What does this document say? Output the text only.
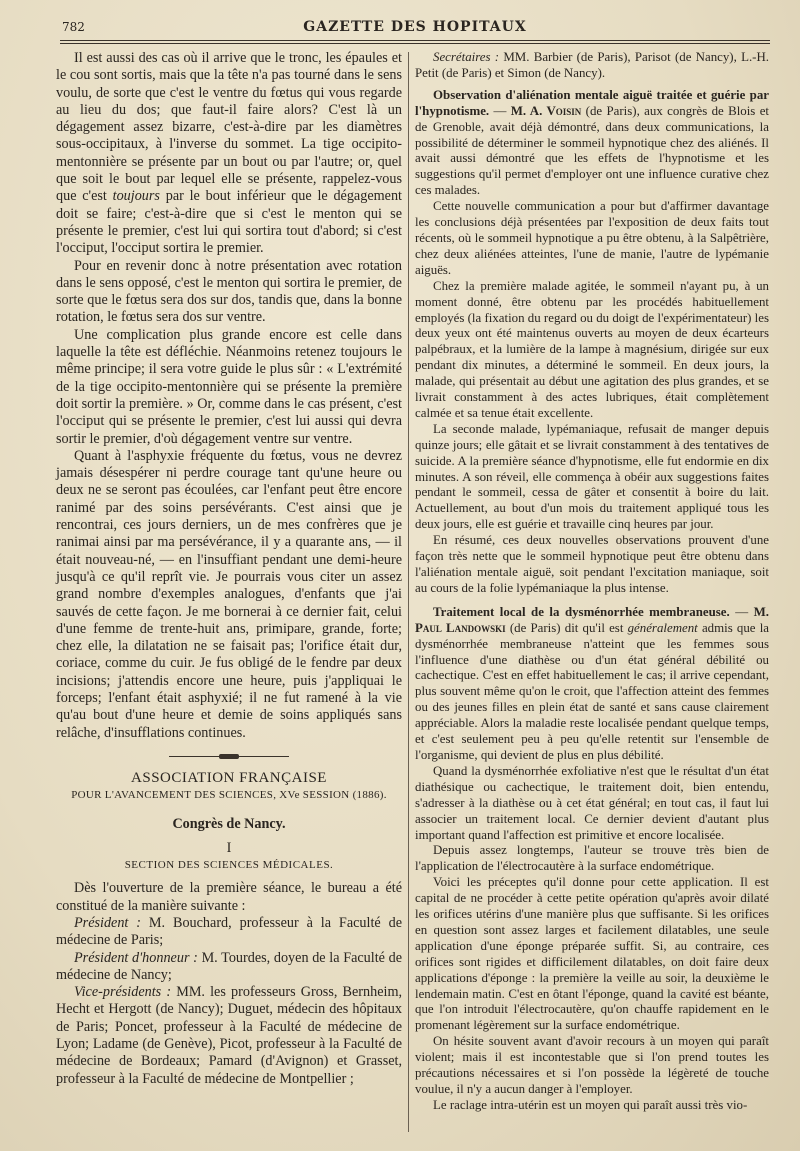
782	GAZETTE DES HOPITAUX

Il est aussi des cas où il arrive que le tronc, les épaules et le cou sont sortis, mais que la tête n'a pas tourné dans le sens voulu, de sorte que c'est le ventre du fœtus qui vous regarde au lieu du dos; que faut-il faire alors? C'est là un dégagement assez bizarre, c'est-à-dire par les diamètres sous-occipitaux, à l'inverse du sommet. La tige occipito-mentonnière se présente par un bout ou par l'autre; or, quel que soit le bout par lequel elle se présente, rappelez-vous que c'est toujours par le bout inférieur que le dégagement doit se faire; c'est-à-dire que si c'est le menton qui se présente le premier, c'est lui qui sortira tout d'abord; si c'est l'occiput, l'occiput sortira le premier.

Pour en revenir donc à notre présentation avec rotation dans le sens opposé, c'est le menton qui sortira le premier, de sorte que le fœtus sera dos sur dos, tandis que, dans la bonne rotation, le fœtus sera dos sur ventre.

Une complication plus grande encore est celle dans laquelle la tête est défléchie. Néanmoins retenez toujours le même principe; il sera votre guide le plus sûr : « L'extrémité de la tige occipito-mentonnière qui se présente la première doit sortir la première. » Or, comme dans le cas présent, c'est l'occiput qui se présente le premier, c'est lui aussi qui devra sortir le premier, d'où dégagement ventre sur ventre.

Quant à l'asphyxie fréquente du fœtus, vous ne devrez jamais désespérer ni perdre courage tant qu'une heure ou deux ne se seront pas écoulées, car l'enfant peut être encore ranimé par des soins persévérants. C'est ainsi que je rencontrai, ces jours derniers, un de mes confrères que je ranimai ainsi par ma persévérance, il y a quarante ans, — il était nouveau-né, — en l'insuffiant pendant une demi-heure jusqu'à ce qu'il reprît vie. Je pourrais vous citer un assez grand nombre d'exemples analogues, d'enfants que j'ai sauvés de cette façon. Je me bornerai à ce dernier fait, celui d'une femme de trente-huit ans, primipare, grande, forte; chez elle, la dilatation ne se faisait pas; l'orifice était dur, coriace, comme du cuir. Je fus obligé de le fendre par deux incisions; j'attendis encore une heure, puis j'appliquai le forceps; l'enfant était asphyxié; il ne fut ramené à la vie qu'au bout d'une heure et demie de soins appliqués sans relâche, d'insufflations continues.

ASSOCIATION FRANÇAISE
POUR L'AVANCEMENT DES SCIENCES, XVe SESSION (1886).
Congrès de Nancy.
I
SECTION DES SCIENCES MÉDICALES.

Dès l'ouverture de la première séance, le bureau a été constitué de la manière suivante :

Président : M. Bouchard, professeur à la Faculté de médecine de Paris;

Président d'honneur : M. Tourdes, doyen de la Faculté de médecine de Nancy;

Vice-présidents : MM. les professeurs Gross, Bernheim, Hecht et Hergott (de Nancy); Duguet, médecin des hôpitaux de Paris; Poncet, professeur à la Faculté de médecine de Lyon; Ladame (de Genève), Picot, professeur à la Faculté de médecine de Bordeaux; Pamard (d'Avignon) et Grasset, professeur à la Faculté de médecine de Montpellier ;

Secrétaires : MM. Barbier (de Paris), Parisot (de Nancy), L.-H. Petit (de Paris) et Simon (de Nancy).

Observation d'aliénation mentale aiguë traitée et guérie par l'hypnotisme. — M. A. Voisin (de Paris), aux congrès de Blois et de Grenoble, avait déjà démontré, dans deux communications, la possibilité de déterminer le sommeil hypnotique chez des aliénés. Il avait aussi démontré que les effets de l'hypnotisme et les suggestions qu'il permet d'employer ont une influence curative chez ces malades.

Cette nouvelle communication a pour but d'affirmer davantage les conclusions déjà présentées par l'exposition de deux faits tout récents, où le sommeil hypnotique a pu être obtenu, à la Salpêtrière, chez deux aliénées atteintes, l'une de manie, l'autre de lypémanie aiguës.

Chez la première malade agitée, le sommeil n'ayant pu, à un moment donné, être obtenu par les procédés habituellement employés (la fixation du regard ou du doigt de l'expérimentateur) les deux yeux ont été maintenus ouverts au moyen de deux écarteurs palpébraux, et la lumière de la lampe à magnésium, dirigée sur eux pendant dix minutes, a déterminé le sommeil. En deux jours, la malade, qui présentait au début une agitation des plus grandes, et se livrait constamment à des actes lubriques, était complètement calmée et sa tenue était excellente.

La seconde malade, lypémaniaque, refusait de manger depuis quinze jours; elle gâtait et se livrait constamment à des tentatives de suicide. A la première séance d'hypnotisme, elle fut endormie en dix minutes. A son réveil, elle commença à obéir aux suggestions faites pendant le sommeil, cessa de gâter et consentit à boire du lait. Actuellement, au bout d'un mois du traitement appliqué tous les deux jours, elle est guérie et travaille cinq heures par jour.

En résumé, ces deux nouvelles observations prouvent d'une façon très nette que le sommeil hypnotique peut être obtenu dans l'aliénation mentale aiguë, soit pendant l'excitation maniaque, soit au cours de la folie lypémaniaque la plus intense.

Traitement local de la dysménorrhée membraneuse. — M. Paul Landowski (de Paris) dit qu'il est généralement admis que la dysménorrhée membraneuse n'atteint que les femmes sous l'influence d'une diathèse ou d'un état général débilité ou cachectique. C'est en effet habituellement le cas; il arrive cependant, plus souvent même qu'on le croit, que l'affection atteint des femmes ou des jeunes filles en plein état de santé et sans cause clairement appréciable. Alors la maladie reste localisée pendant quelque temps, et c'est seulement peu à peu qu'elle retentit sur l'ensemble de l'organisme, qui devient de plus en plus débilité.

Quand la dysménorrhée exfoliative n'est que le résultat d'un état diathésique ou cachectique, le traitement doit, bien entendu, s'adresser à la diathèse ou à cet état général; en tout cas, il faut lui associer un traitement local. Ce dernier devient d'autant plus important quand l'affection est primitive et encore localisée.

Depuis assez longtemps, l'auteur se trouve très bien de l'application de l'électrocautère à la surface endométrique.

Voici les préceptes qu'il donne pour cette application. Il est capital de ne procéder à cette petite opération qu'après avoir dilaté les orifices utérins d'une manière plus que suffisante. Si les orifices en question sont assez larges et facilement dilatables, une seule application d'une éponge préparée suffit. Si, au contraire, ces orifices sont rigides et difficilement dilatables, on doit faire deux applications d'éponge : la première la veille au soir, la deuxième le lendemain matin. C'est en ôtant l'éponge, quand la cavité est béante, que l'on introduit l'électrocautère, qu'on chauffe rapidement en le promenant légèrement sur la surface endométrique.

On hésite souvent avant d'avoir recours à un moyen qui paraît violent; mais il est incontestable que si l'on prend toutes les précautions nécessaires et si l'on possède la légèreté de touche voulue, il n'y a aucun danger à l'employer.

Le raclage intra-utérin est un moyen qui paraît aussi très vio-
